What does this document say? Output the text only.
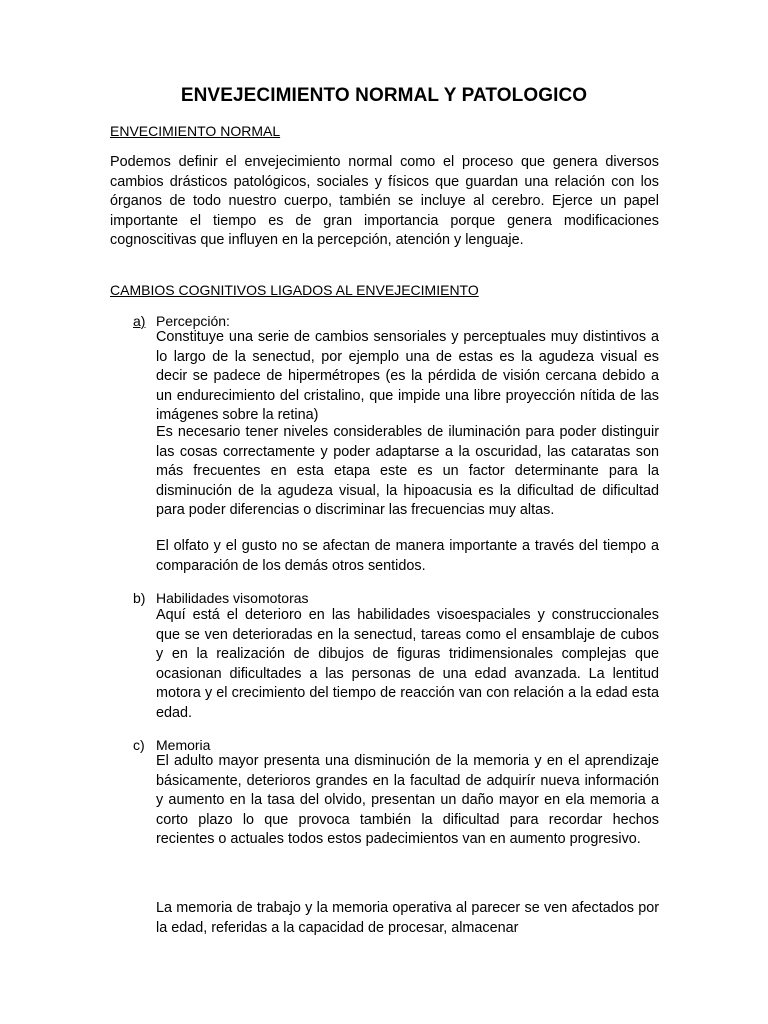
ENVEJECIMIENTO NORMAL Y PATOLOGICO
ENVECIMIENTO NORMAL
Podemos definir el envejecimiento normal como el proceso que genera diversos cambios drásticos patológicos, sociales y físicos que guardan una relación con los órganos de todo nuestro cuerpo, también se incluye al cerebro. Ejerce un papel importante el tiempo es de gran importancia porque genera modificaciones cognoscitivas que influyen en la percepción, atención y lenguaje.
CAMBIOS COGNITIVOS LIGADOS AL ENVEJECIMIENTO
a) Percepción:
Constituye una serie de cambios sensoriales y perceptuales muy distintivos a lo largo de la senectud, por ejemplo una de estas es la agudeza visual es decir se padece de hipermétropes (es la pérdida de visión cercana debido a un endurecimiento del cristalino, que impide una libre proyección nítida de las imágenes sobre la retina)
Es necesario tener niveles considerables de iluminación para poder distinguir las cosas correctamente y poder adaptarse a la oscuridad, las cataratas son más frecuentes en esta etapa este es un factor determinante para la disminución de la agudeza visual, la hipoacusia es la dificultad de dificultad para poder diferencias o discriminar las frecuencias muy altas.
El olfato y el gusto no se afectan de manera importante a través del tiempo a comparación de los demás otros sentidos.
b) Habilidades visomotoras
Aquí está el deterioro en las habilidades visoespaciales y construccionales que se ven deterioradas en la senectud, tareas como el ensamblaje de cubos y en la realización de dibujos de figuras tridimensionales complejas que ocasionan dificultades a las personas de una edad avanzada. La lentitud motora y el crecimiento del tiempo de reacción van con relación a la edad esta edad.
c) Memoria
El adulto mayor presenta una disminución de la memoria y en el aprendizaje básicamente, deterioros grandes en la facultad de adquirír nueva información y aumento en la tasa del olvido, presentan un daño mayor en ela memoria a corto plazo lo que provoca también la dificultad para recordar hechos recientes o actuales todos estos padecimientos van en aumento progresivo.
La memoria de trabajo y la memoria operativa al parecer se ven afectados por la edad, referidas a la capacidad de procesar, almacenar
